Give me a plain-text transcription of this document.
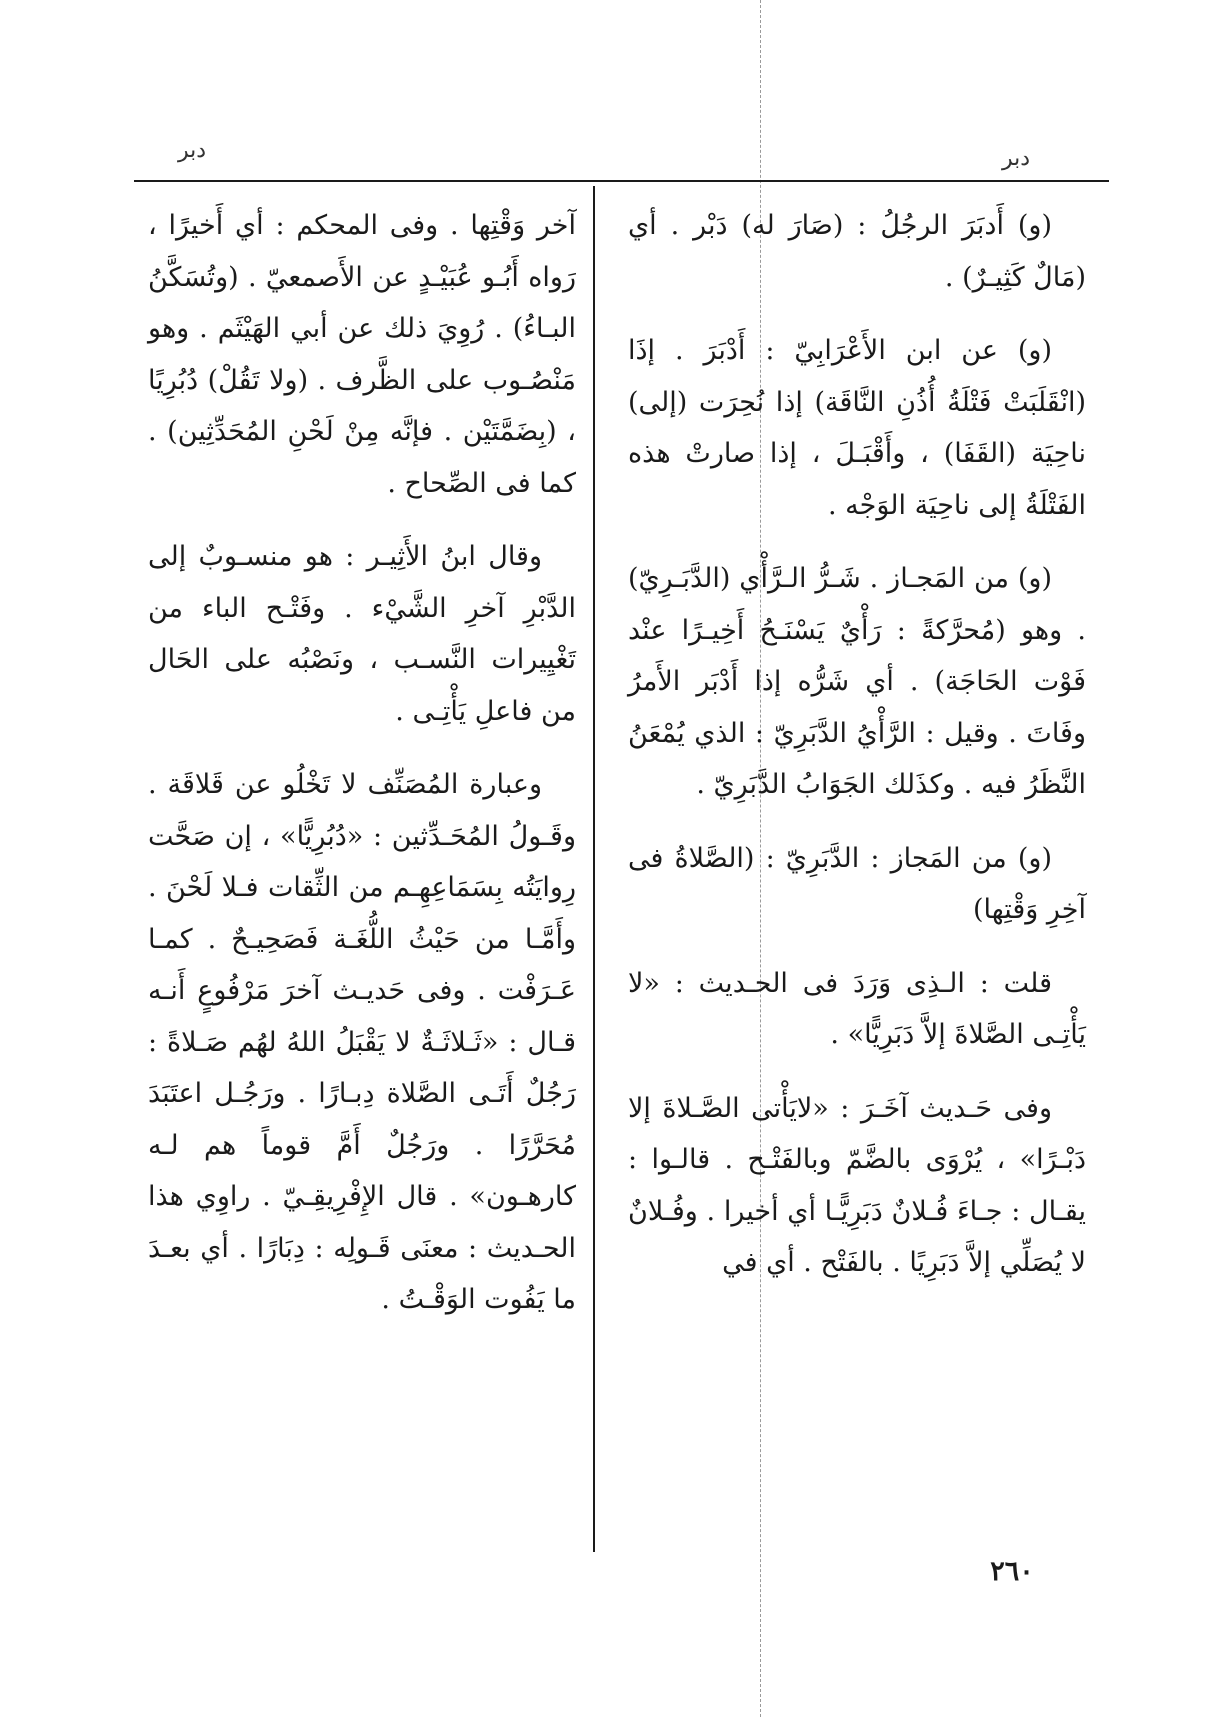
دبر	دبر

(و) أَدبَرَ الرجُلُ : (صَارَ له) دَبْر . أي (مَالٌ كَثِيـرٌ) .

(و) عن ابن الأَعْرَابِيّ : أَدْبَرَ . إذَا (انْقَلَبَتْ فَتْلَةُ أُذُنِ النَّاقَة) إذا نُحِرَت (إلى) ناحِيَة (القَفَا) ، وأَقْبَـلَ ، إذا صارتْ هذه الفَتْلَةُ إلى ناحِيَة الوَجْه .

(و) من المَجـاز . شَـرُّ الـرَّأْي (الدَّبَـرِيّ) . وهو (مُحرَّكةً : رَأْيٌ يَسْنَـحُ أَخِيـرًا عنْد فَوْت الحَاجَة) . أي شَرُّه إذا أَدْبَر الأَمرُ وفَاتَ . وقيل : الرَّأْيُ الدَّبَرِيّ : الذي يُمْعَنُ النَّظَرُ فيه . وكذَلك الجَوَابُ الدَّبَرِيّ .

(و) من المَجاز : الدَّبَرِيّ : (الصَّلاةُ فى آخِرِ وَقْتِها)

قلت : الـذِى وَرَدَ فى الحـديث : «لا يَأْتِـى الصَّلاةَ إلاَّ دَبَرِيًّا» .

وفى حَـديث آخَـرَ : «لايَأْتى الصَّـلاةَ إلا دَبْـرًا» ، يُرْوَى بالضَّمّ وبالفَتْـح . قالـوا : يقـال : جـاءَ فُـلانٌ دَبَرِيًّـا أي أخيرا . وفُـلانٌ لا يُصَلِّي إلاَّ دَبَرِيًا . بالفَتْح . أي في

آخر وَقْتِها . وفى المحكم : أي أَخيرًا ، رَواه أَبُـو عُبَيْـدٍ عن الأَصمعيّ . (وتُسَكَّنُ البـاءُ) . رُوِيَ ذلك عن أبي الهَيْثَم . وهو مَنْصُـوب على الظَّرف . (ولا تَقُلْ) دُبُرِيًا ، (بِضَمَّتَيْن . فإنَّه مِنْ لَحْنِ المُحَدِّثِين) . كما فى الصِّحاح .

وقال ابنُ الأَثِيـر : هو منسـوبٌ إلى الدَّبْرِ آخرِ الشَّيْء . وفَتْـح الباء من تَغْيِيرات النَّسـب ، ونَصْبُه على الحَال من فاعلِ يَأْتِـى .

وعبارة المُصَنِّف لا تَخْلُو عن قَلاقَة . وقَـولُ المُحَـدِّثين : «دُبُرِيًّا» ، إن صَحَّت رِوايَتُه بِسَمَاعِهِـم من الثِّقات فـلا لَحْنَ . وأَمَّـا من حَيْثُ اللُّغَـة فَصَحِيـحٌ . كمـا عَـرَفْت . وفى حَديـث آخرَ مَرْفُوعٍ أَنـه قـال : «ثَـلاثَـةٌ لا يَقْبَلُ اللهُ لهُم صَـلاةً : رَجُلٌ أَتَـى الصَّلاة دِبـارًا . ورَجُـل اعتَبَدَ مُحَرَّرًا . ورَجُلٌ أَمَّ قوماً هم لـه كارهـون» . قال الإِفْرِيقِـيّ . راوِي هذا الحـديث : معنَى قَـولِه : دِبَارًا . أي بعـدَ ما يَفُوت الوَقْـتُ .

٢٦٠
